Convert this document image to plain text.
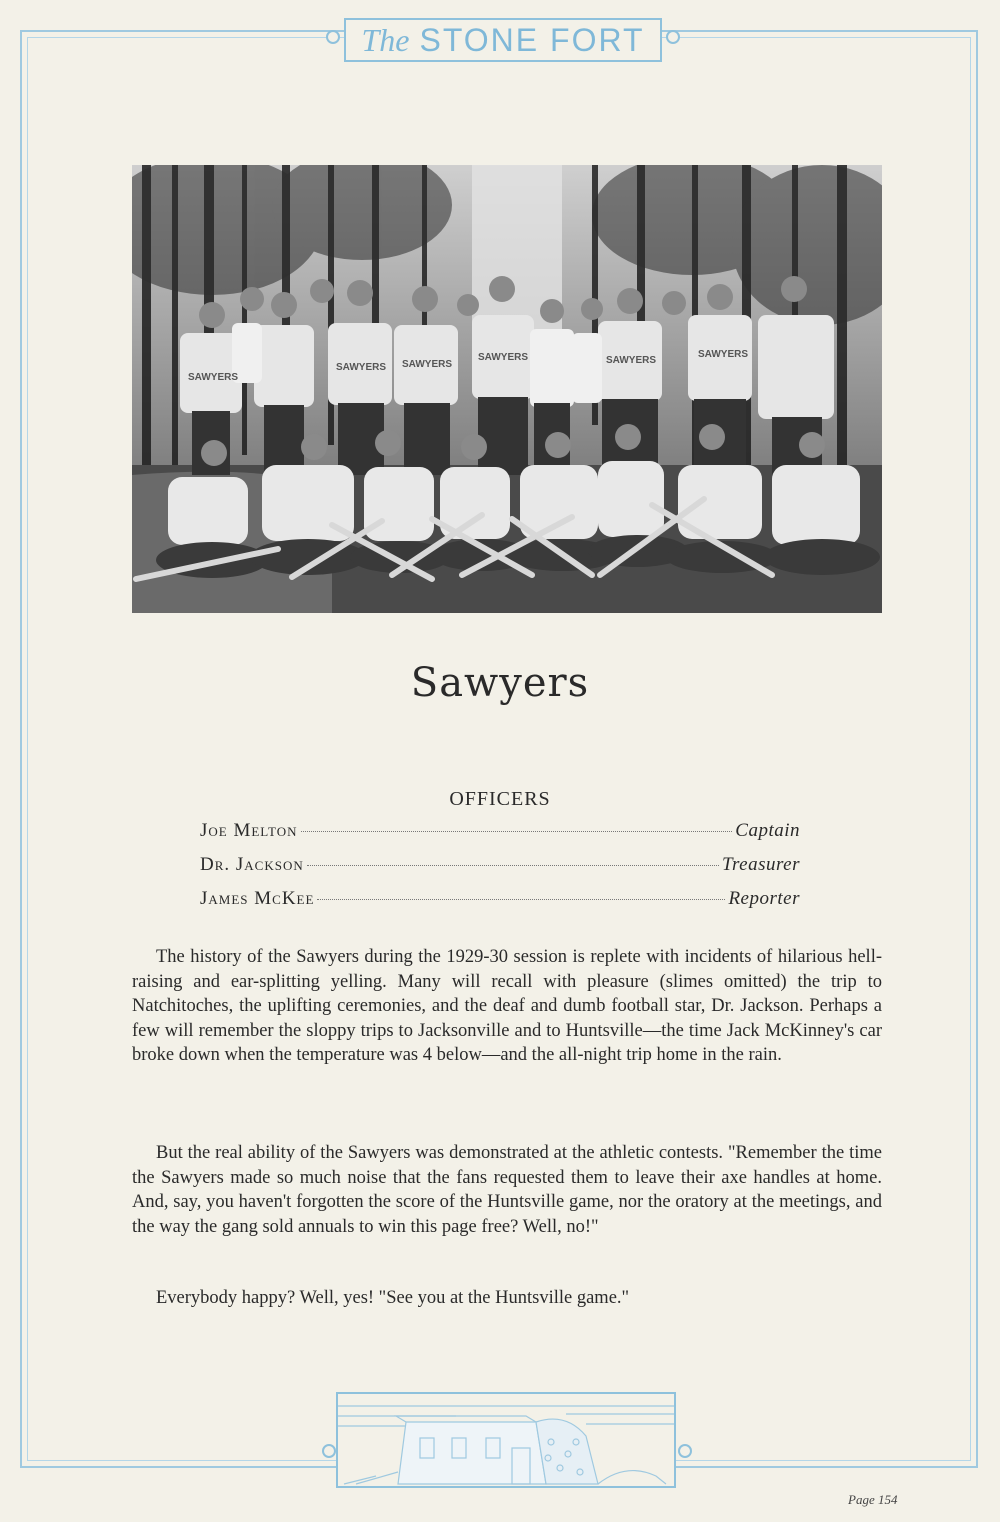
The STONE FORT
SAWYERS
SAWYERS SAWYERS
SAWYERS	SAWYERS
SAWYERS
Sawyers
OFFICERS
Joe Melton	Captain
Dr. Jackson	Treasurer
James McKee	Reporter

The history of the Sawyers during the 1929-30 session is replete with incidents of hilarious hell-raising and ear-splitting yelling. Many will recall with pleasure (slimes omitted) the trip to Natchitoches, the uplifting ceremonies, and the deaf and dumb football star, Dr. Jackson. Perhaps a few will remember the sloppy trips to Jacksonville and to Huntsville—the time Jack McKinney's car broke down when the temperature was 4 below—and the all-night trip home in the rain.

But the real ability of the Sawyers was demonstrated at the athletic contests. "Remember the time the Sawyers made so much noise that the fans requested them to leave their axe handles at home. And, say, you haven't forgotten the score of the Huntsville game, nor the oratory at the meetings, and the way the gang sold annuals to win this page free? Well, no!"

Everybody happy? Well, yes! "See you at the Huntsville game."

Page 154
